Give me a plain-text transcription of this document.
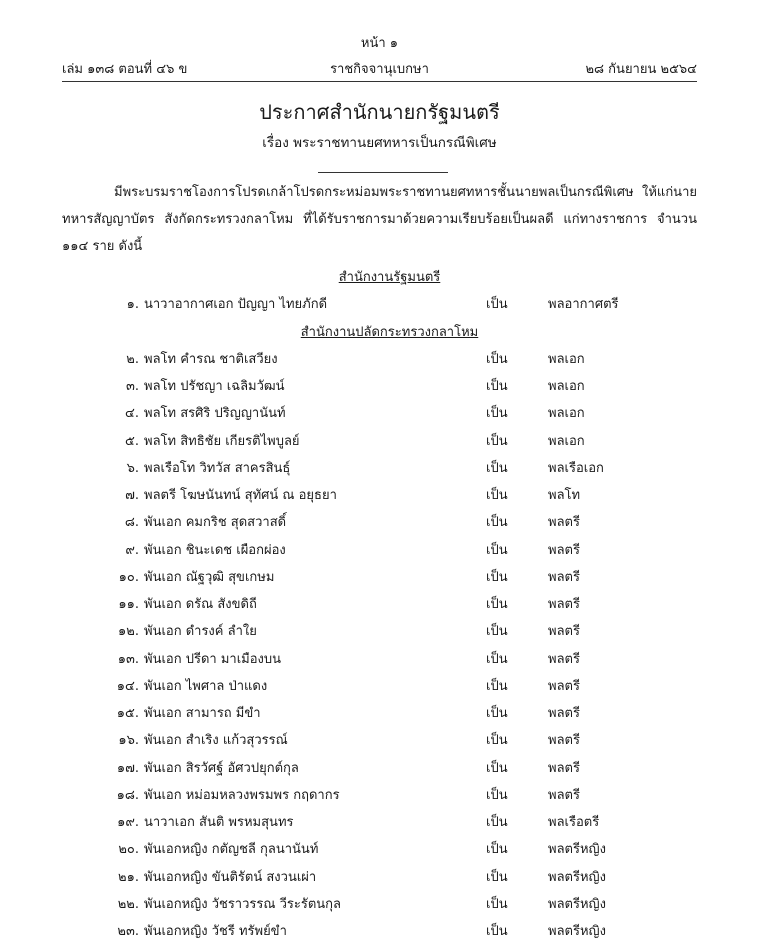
หน้า ๑
เล่ม ๑๓๘ ตอนที่ ๔๖ ข	ราชกิจจานุเบกษา	๒๘ กันยายน ๒๕๖๔
ประกาศสำนักนายกรัฐมนตรี
เรื่อง พระราชทานยศทหารเป็นกรณีพิเศษ
มีพระบรมราชโองการโปรดเกล้าโปรดกระหม่อมพระราชทานยศทหารชั้นนายพลเป็นกรณีพิเศษ ให้แก่นายทหารสัญญาบัตร สังกัดกระทรวงกลาโหม ที่ได้รับราชการมาด้วยความเรียบร้อยเป็นผลดี แก่ทางราชการ จำนวน ๑๑๔ ราย ดังนี้
สำนักงานรัฐมนตรี
๑. นาวาอากาศเอก ปัญญา ไทยภักดี	เป็น	พลอากาศตรี
สำนักงานปลัดกระทรวงกลาโหม
๒. พลโท คำรณ ชาติเสวียง	เป็น	พลเอก
๓. พลโท ปรัชญา เฉลิมวัฒน์	เป็น	พลเอก
๔. พลโท สรศิริ ปริญญานันท์	เป็น	พลเอก
๕. พลโท สิทธิชัย เกียรติไพบูลย์	เป็น	พลเอก
๖. พลเรือโท วิทวัส สาครสินธุ์	เป็น	พลเรือเอก
๗. พลตรี โฆษนันทน์ สุทัศน์ ณ อยุธยา	เป็น	พลโท
๘. พันเอก คมกริช สุดสวาสดิ์	เป็น	พลตรี
๙. พันเอก ชินะเดช เผือกผ่อง	เป็น	พลตรี
๑๐. พันเอก ณัฐวุฒิ สุขเกษม	เป็น	พลตรี
๑๑. พันเอก ดรัณ สังขดิถี	เป็น	พลตรี
๑๒. พันเอก ดำรงค์ ลำใย	เป็น	พลตรี
๑๓. พันเอก ปรีดา มาเมืองบน	เป็น	พลตรี
๑๔. พันเอก ไพศาล ป่าแดง	เป็น	พลตรี
๑๕. พันเอก สามารถ มีขำ	เป็น	พลตรี
๑๖. พันเอก สำเริง แก้วสุวรรณ์	เป็น	พลตรี
๑๗. พันเอก สิรวัศฐ์ อัศวปยุกต์กุล	เป็น	พลตรี
๑๘. พันเอก หม่อมหลวงพรมพร กฤดากร	เป็น	พลตรี
๑๙. นาวาเอก สันติ พรหมสุนทร	เป็น	พลเรือตรี
๒๐. พันเอกหญิง กตัญชลี กุลนานันท์	เป็น	พลตรีหญิง
๒๑. พันเอกหญิง ขันติรัตน์ สงวนเผ่า	เป็น	พลตรีหญิง
๒๒. พันเอกหญิง วัชราวรรณ วีระรัตนกุล	เป็น	พลตรีหญิง
๒๓. พันเอกหญิง วัชรี ทรัพย์ขำ	เป็น	พลตรีหญิง
